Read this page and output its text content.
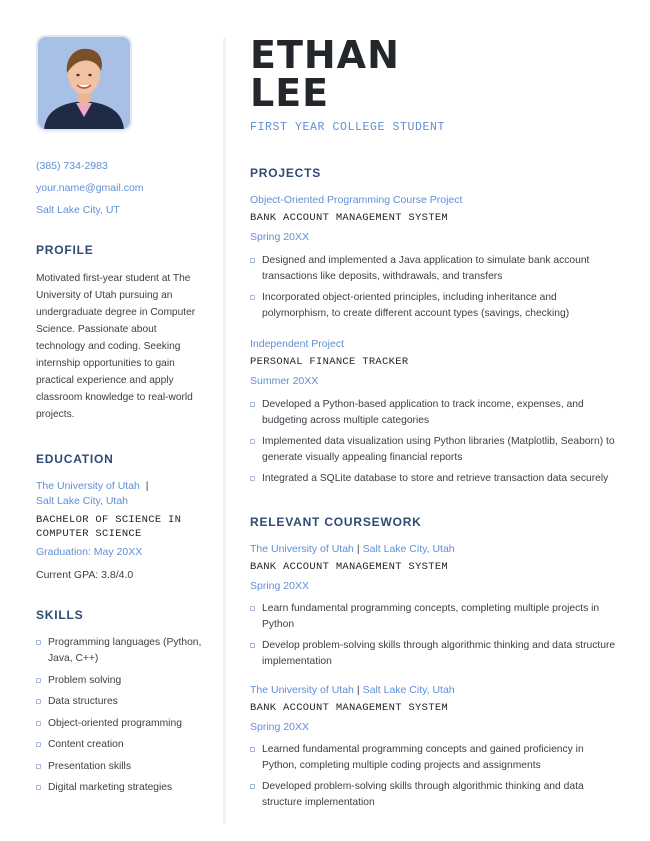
(385) 734-2983
your.name@gmail.com
Salt Lake City, UT
PROFILE
Motivated first-year student at The University of Utah pursuing an undergraduate degree in Computer Science. Passionate about technology and coding. Seeking internship opportunities to gain practical experience and apply classroom knowledge to real-world projects.
EDUCATION
The University of Utah |
Salt Lake City, Utah
BACHELOR OF SCIENCE IN COMPUTER SCIENCE
Graduation: May 20XX
Current GPA: 3.8/4.0
SKILLS
Programming languages (Python, Java, C++)
Problem solving
Data structures
Object-oriented programming
Content creation
Presentation skills
Digital marketing strategies
ETHAN
LEE
FIRST YEAR COLLEGE STUDENT
PROJECTS
Object-Oriented Programming Course Project
BANK ACCOUNT MANAGEMENT SYSTEM
Spring 20XX
Designed and implemented a Java application to simulate bank account transactions like deposits, withdrawals, and transfers
Incorporated object-oriented principles, including inheritance and polymorphism, to create different account types (savings, checking)
Independent Project
PERSONAL FINANCE TRACKER
Summer 20XX
Developed a Python-based application to track income, expenses, and budgeting across multiple categories
Implemented data visualization using Python libraries (Matplotlib, Seaborn) to generate visually appealing financial reports
Integrated a SQLite database to store and retrieve transaction data securely
RELEVANT COURSEWORK
The University of Utah | Salt Lake City, Utah
BANK ACCOUNT MANAGEMENT SYSTEM
Spring 20XX
Learn fundamental programming concepts, completing multiple projects in Python
Develop problem-solving skills through algorithmic thinking and data structure implementation
The University of Utah | Salt Lake City, Utah
BANK ACCOUNT MANAGEMENT SYSTEM
Spring 20XX
Learned fundamental programming concepts and gained proficiency in Python, completing multiple coding projects and assignments
Developed problem-solving skills through algorithmic thinking and data structure implementation
